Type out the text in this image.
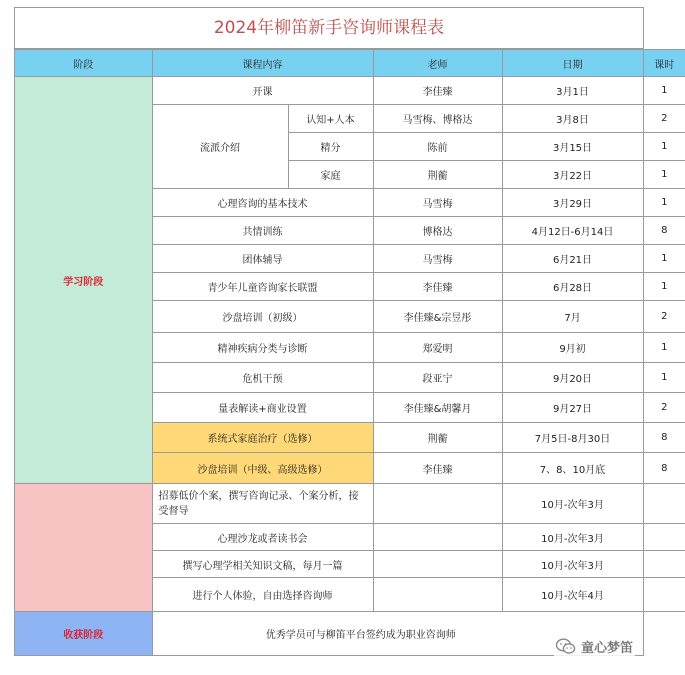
2024年柳笛新手咨询师课程表
阶段	课程内容		老师	日期	课时
学习阶段	开课		李佳臻	3月1日	1
	流派介绍	认知+人本	马雪梅、博格达	3月8日	2
		精分	陈前	3月15日	1
		家庭	荆蘅	3月22日	1
	心理咨询的基本技术		马雪梅	3月29日	1
	共情训练		博格达	4月12日-6月14日	8
	团体辅导		马雪梅	6月21日	1
	青少年儿童咨询家长联盟		李佳臻	6月28日	1
	沙盘培训（初级）		李佳臻&宗昱彤	7月	2
	精神疾病分类与诊断		郑爱明	9月初	1
	危机干预		段亚宁	9月20日	1
	量表解读+商业设置		李佳臻&胡馨月	9月27日	2
	系统式家庭治疗（选修）		荆蘅	7月5日-8月30日	8
	沙盘培训（中级、高级选修）		李佳臻	7、8、10月底	8
	招募低价个案，撰写咨询记录、个案分析，接受督导			10月-次年3月	
	心理沙龙或者读书会			10月-次年3月	
	撰写心理学相关知识文稿，每月一篇			10月-次年3月	
	进行个人体验，自由选择咨询师			10月-次年4月	
收获阶段	优秀学员可与柳笛平台签约成为职业咨询师				
童心梦笛
